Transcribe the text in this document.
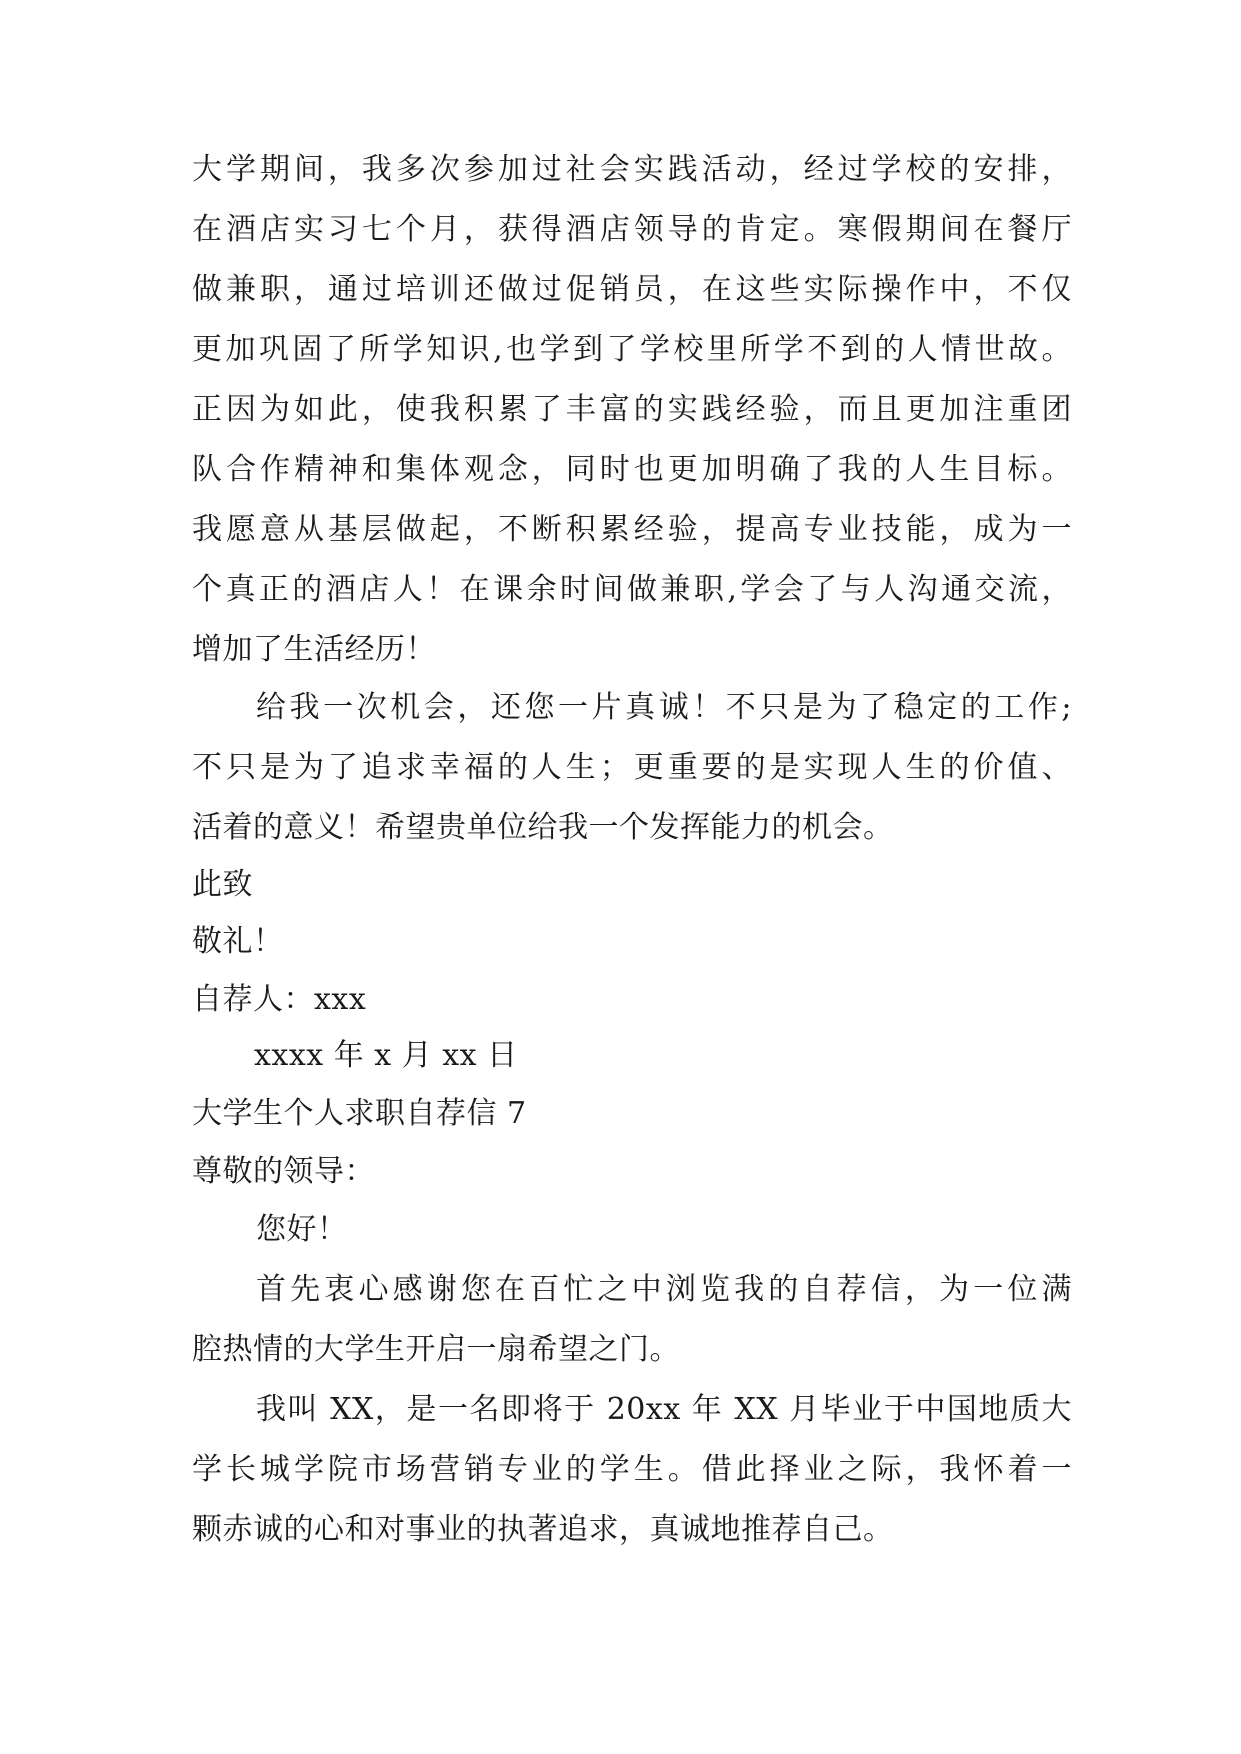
大学期间，我多次参加过社会实践活动，经过学校的安排，
在酒店实习七个月，获得酒店领导的肯定。寒假期间在餐厅
做兼职，通过培训还做过促销员，在这些实际操作中，不仅
更加巩固了所学知识,也学到了学校里所学不到的人情世故。
正因为如此，使我积累了丰富的实践经验，而且更加注重团
队合作精神和集体观念，同时也更加明确了我的人生目标。
我愿意从基层做起，不断积累经验，提高专业技能，成为一
个真正的酒店人！在课余时间做兼职,学会了与人沟通交流，
增加了生活经历！
给我一次机会，还您一片真诚！不只是为了稳定的工作;
不只是为了追求幸福的人生；更重要的是实现人生的价值、
活着的意义！希望贵单位给我一个发挥能力的机会。
此致
敬礼！
自荐人：xxx
xxxx 年 x 月 xx 日
大学生个人求职自荐信 7
尊敬的领导：
您好！
首先衷心感谢您在百忙之中浏览我的自荐信，为一位满
腔热情的大学生开启一扇希望之门。
我叫 XX，是一名即将于 20xx 年 XX 月毕业于中国地质大
学长城学院市场营销专业的学生。借此择业之际，我怀着一
颗赤诚的心和对事业的执著追求，真诚地推荐自己。
